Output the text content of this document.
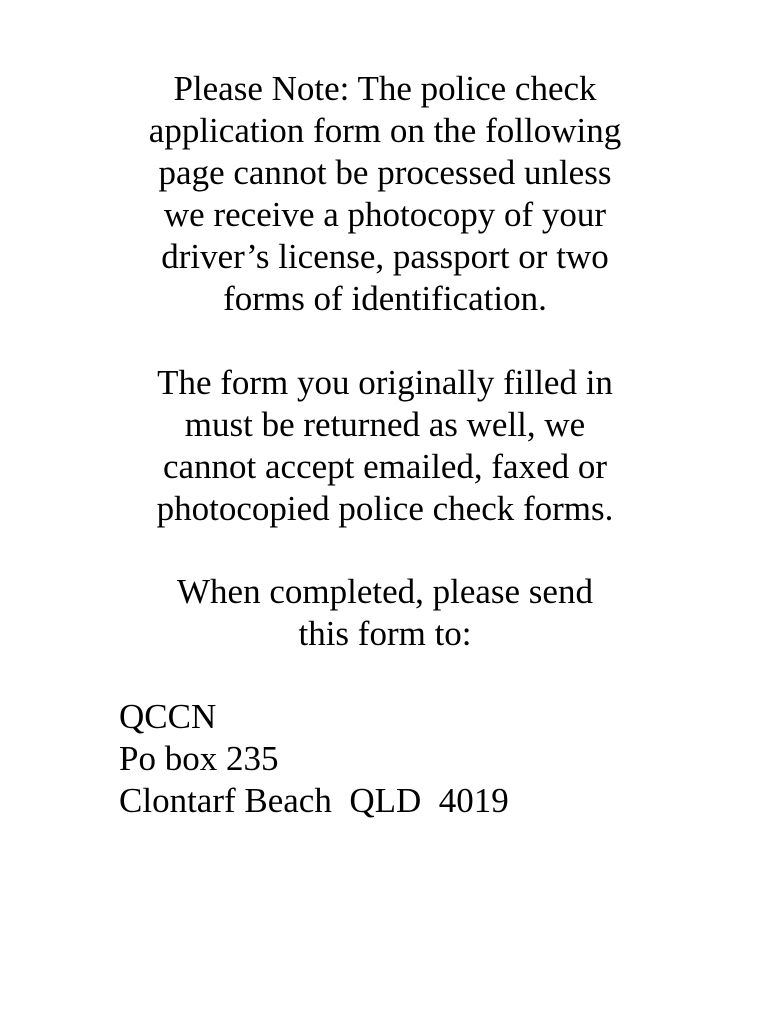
Please Note: The police check
application form on the following
page cannot be processed unless
we receive a photocopy of your
driver’s license, passport or two
forms of identification.

The form you originally filled in
must be returned as well, we
cannot accept emailed, faxed or
photocopied police check forms.

When completed, please send
this form to:

QCCN
Po box 235
Clontarf Beach  QLD  4019
